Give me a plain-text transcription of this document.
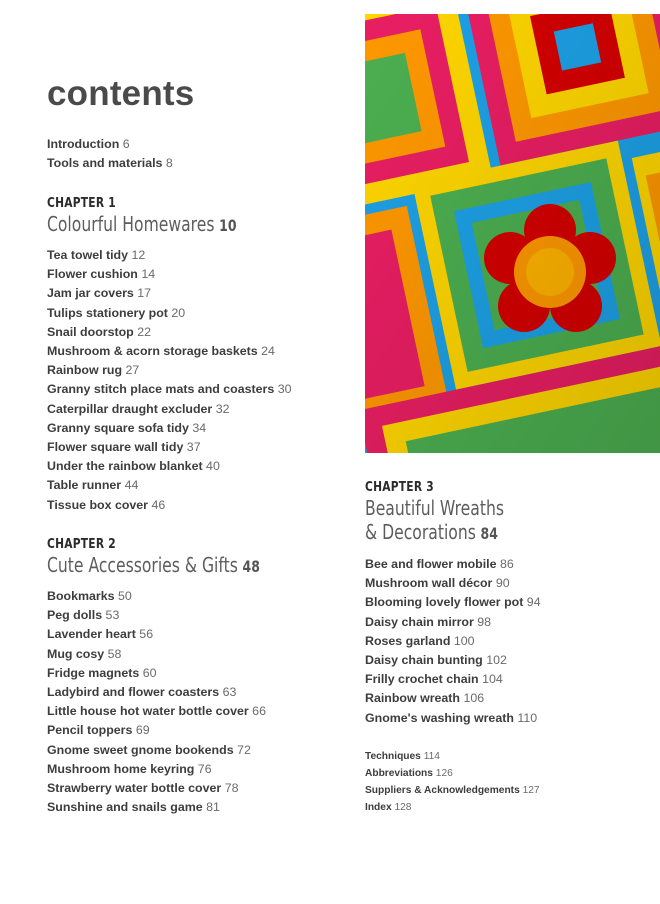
contents
Introduction 6
Tools and materials 8
CHAPTER 1
Colourful Homewares 10
Tea towel tidy 12
Flower cushion 14
Jam jar covers 17
Tulips stationery pot 20
Snail doorstop 22
Mushroom & acorn storage baskets 24
Rainbow rug 27
Granny stitch place mats and coasters 30
Caterpillar draught excluder 32
Granny square sofa tidy 34
Flower square wall tidy 37
Under the rainbow blanket 40
Table runner 44
Tissue box cover 46
CHAPTER 2
Cute Accessories & Gifts 48
Bookmarks 50
Peg dolls 53
Lavender heart 56
Mug cosy 58
Fridge magnets 60
Ladybird and flower coasters 63
Little house hot water bottle cover 66
Pencil toppers 69
Gnome sweet gnome bookends 72
Mushroom home keyring 76
Strawberry water bottle cover 78
Sunshine and snails game 81
CHAPTER 3
Beautiful Wreaths
& Decorations 84
Bee and flower mobile 86
Mushroom wall décor 90
Blooming lovely flower pot 94
Daisy chain mirror 98
Roses garland 100
Daisy chain bunting 102
Frilly crochet chain 104
Rainbow wreath 106
Gnome's washing wreath 110
Techniques 114
Abbreviations 126
Suppliers & Acknowledgements 127
Index 128
